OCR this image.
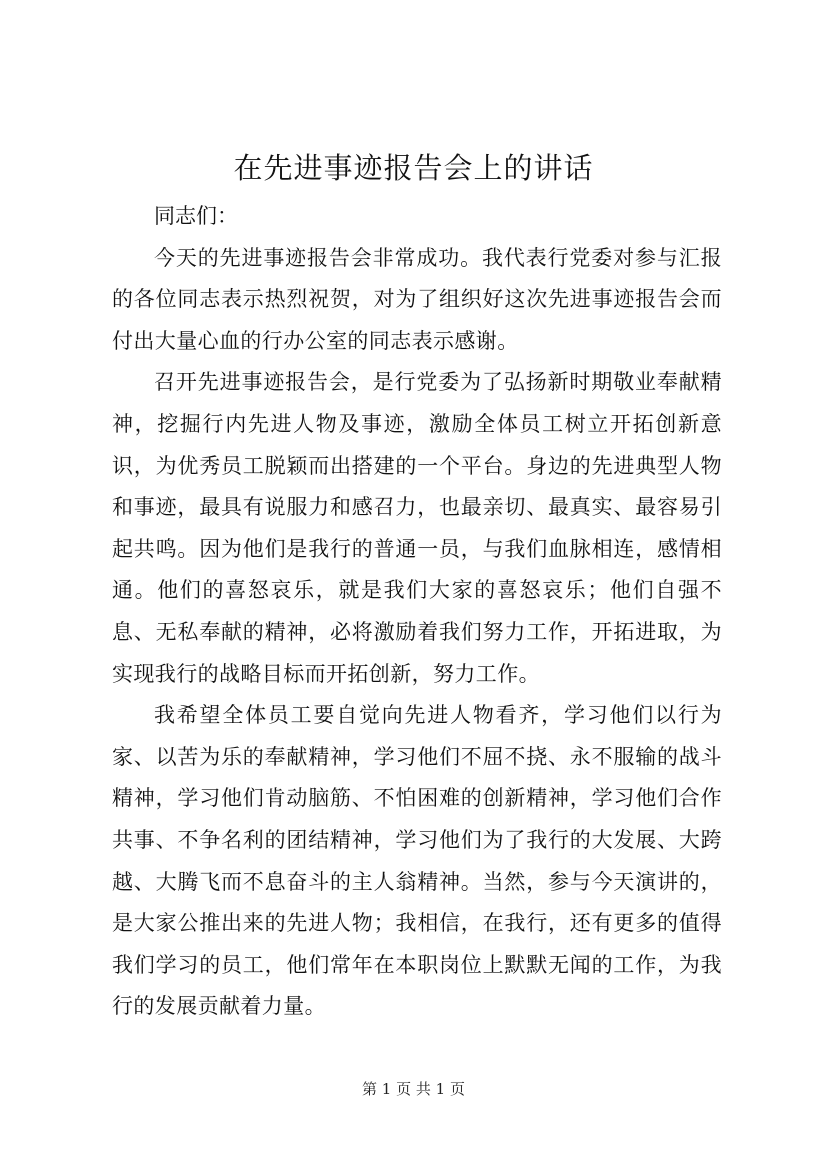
在先进事迹报告会上的讲话

同志们：

今天的先进事迹报告会非常成功。我代表行党委对参与汇报的各位同志表示热烈祝贺，对为了组织好这次先进事迹报告会而付出大量心血的行办公室的同志表示感谢。

召开先进事迹报告会，是行党委为了弘扬新时期敬业奉献精神，挖掘行内先进人物及事迹，激励全体员工树立开拓创新意识，为优秀员工脱颖而出搭建的一个平台。身边的先进典型人物和事迹，最具有说服力和感召力，也最亲切、最真实、最容易引起共鸣。因为他们是我行的普通一员，与我们血脉相连，感情相通。他们的喜怒哀乐，就是我们大家的喜怒哀乐；他们自强不息、无私奉献的精神，必将激励着我们努力工作，开拓进取，为实现我行的战略目标而开拓创新，努力工作。

我希望全体员工要自觉向先进人物看齐，学习他们以行为家、以苦为乐的奉献精神，学习他们不屈不挠、永不服输的战斗精神，学习他们肯动脑筋、不怕困难的创新精神，学习他们合作共事、不争名利的团结精神，学习他们为了我行的大发展、大跨越、大腾飞而不息奋斗的主人翁精神。当然，参与今天演讲的，是大家公推出来的先进人物；我相信，在我行，还有更多的值得我们学习的员工，他们常年在本职岗位上默默无闻的工作，为我行的发展贡献着力量。

第 1 页 共 1 页
